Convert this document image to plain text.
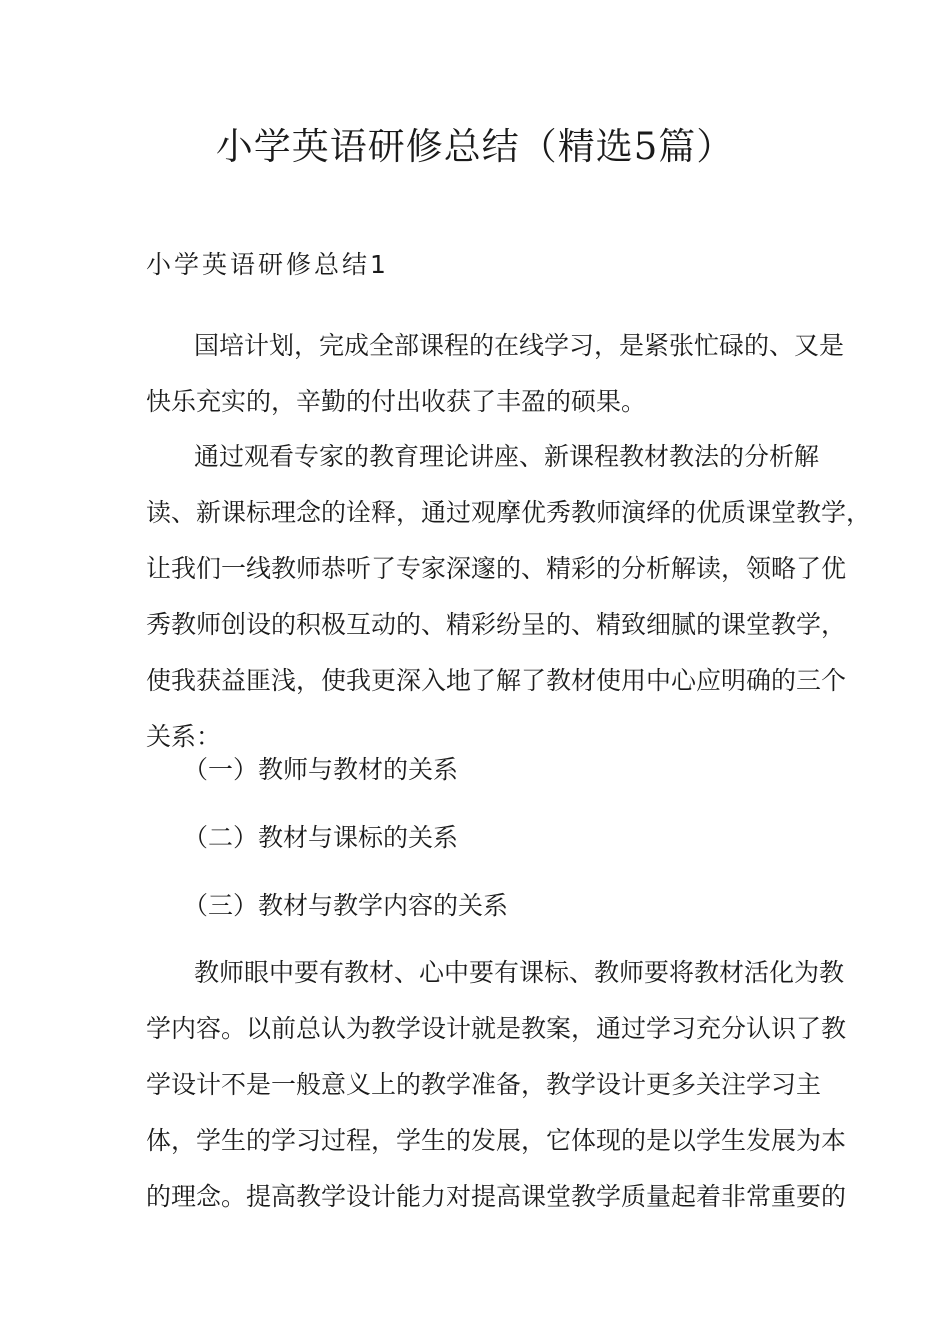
小学英语研修总结（精选5篇）
小学英语研修总结1
国培计划，完成全部课程的在线学习，是紧张忙碌的、又是
快乐充实的，辛勤的付出收获了丰盈的硕果。
通过观看专家的教育理论讲座、新课程教材教法的分析解
读、新课标理念的诠释，通过观摩优秀教师演绎的优质课堂教学，
让我们一线教师恭听了专家深邃的、精彩的分析解读，领略了优
秀教师创设的积极互动的、精彩纷呈的、精致细腻的课堂教学，
使我获益匪浅，使我更深入地了解了教材使用中心应明确的三个
关系：

（一）教师与教材的关系

（二）教材与课标的关系

（三）教材与教学内容的关系

教师眼中要有教材、心中要有课标、教师要将教材活化为教
学内容。以前总认为教学设计就是教案，通过学习充分认识了教
学设计不是一般意义上的教学准备，教学设计更多关注学习主
体，学生的学习过程，学生的发展，它体现的是以学生发展为本
的理念。提高教学设计能力对提高课堂教学质量起着非常重要的
